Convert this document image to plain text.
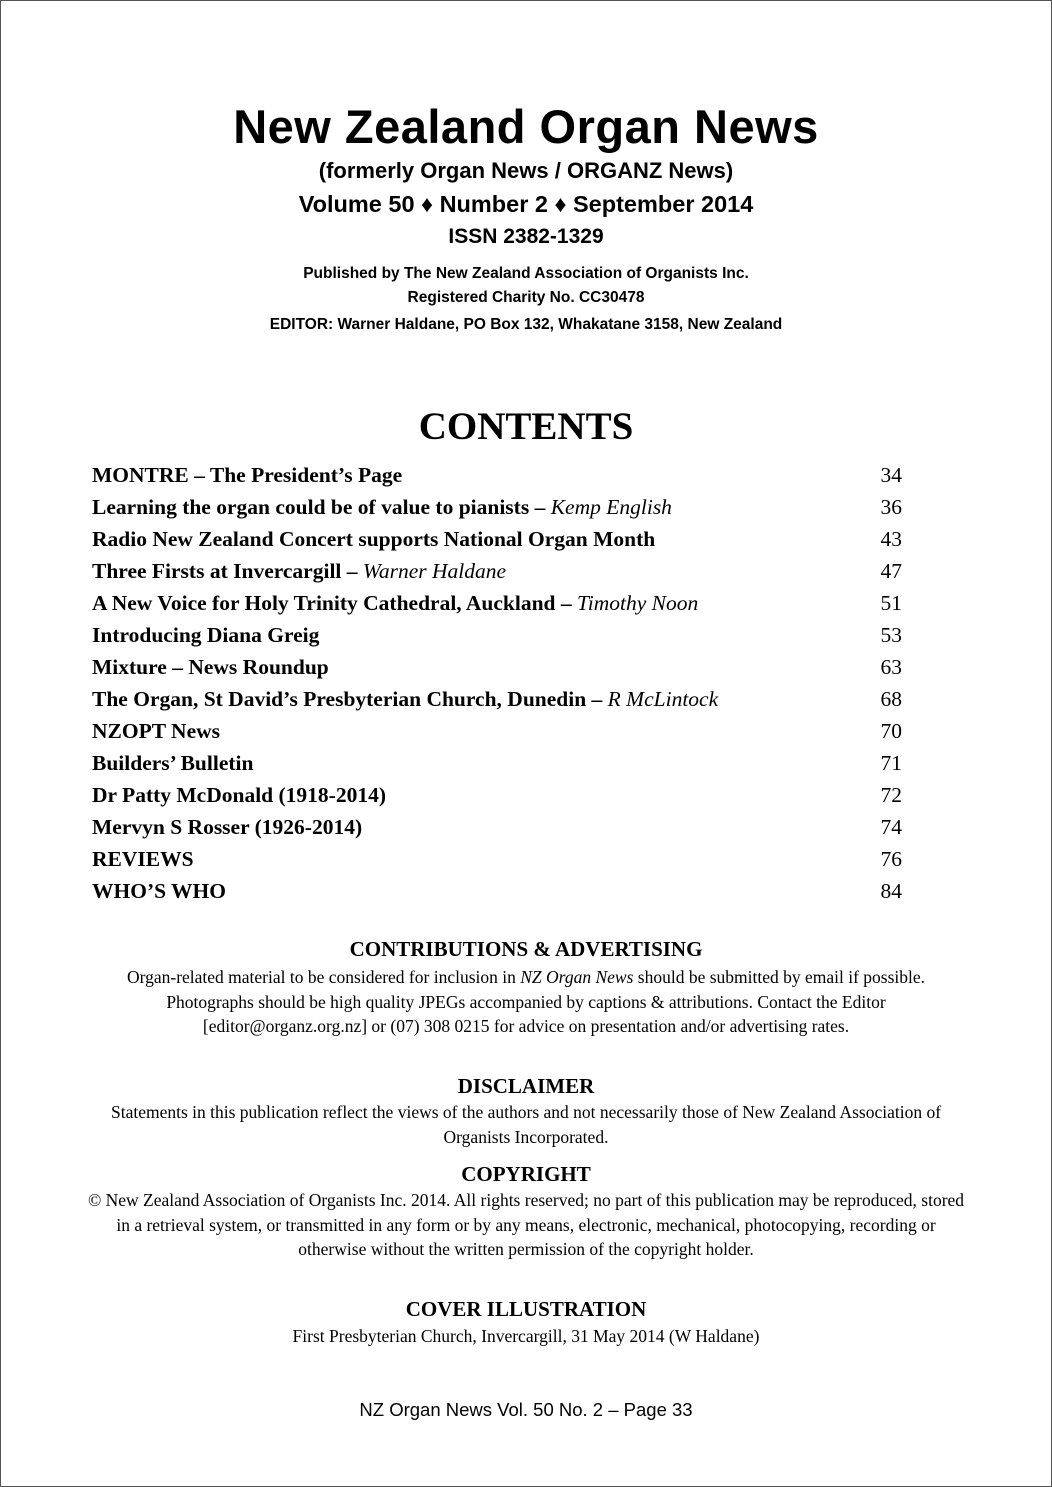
New Zealand Organ News
(formerly Organ News / ORGANZ News)
Volume 50 ♦ Number 2 ♦ September 2014
ISSN 2382-1329
Published by The New Zealand Association of Organists Inc.
Registered Charity No. CC30478
EDITOR: Warner Haldane, PO Box 132, Whakatane 3158, New Zealand
CONTENTS
MONTRE – The President’s Page	34
Learning the organ could be of value to pianists – Kemp English	36
Radio New Zealand Concert supports National Organ Month	43
Three Firsts at Invercargill – Warner Haldane	47
A New Voice for Holy Trinity Cathedral, Auckland – Timothy Noon	51
Introducing Diana Greig	53
Mixture – News Roundup	63
The Organ, St David’s Presbyterian Church, Dunedin – R McLintock	68
NZOPT News	70
Builders’ Bulletin	71
Dr Patty McDonald (1918-2014)	72
Mervyn S Rosser (1926-2014)	74
REVIEWS	76
WHO’S WHO	84
CONTRIBUTIONS & ADVERTISING
Organ-related material to be considered for inclusion in NZ Organ News should be submitted by email if possible. Photographs should be high quality JPEGs accompanied by captions & attributions. Contact the Editor [editor@organz.org.nz] or (07) 308 0215 for advice on presentation and/or advertising rates.
DISCLAIMER
Statements in this publication reflect the views of the authors and not necessarily those of New Zealand Association of Organists Incorporated.
COPYRIGHT
© New Zealand Association of Organists Inc. 2014. All rights reserved; no part of this publication may be reproduced, stored in a retrieval system, or transmitted in any form or by any means, electronic, mechanical, photocopying, recording or otherwise without the written permission of the copyright holder.
COVER ILLUSTRATION
First Presbyterian Church, Invercargill, 31 May 2014 (W Haldane)
NZ Organ News Vol. 50 No. 2 – Page 33
